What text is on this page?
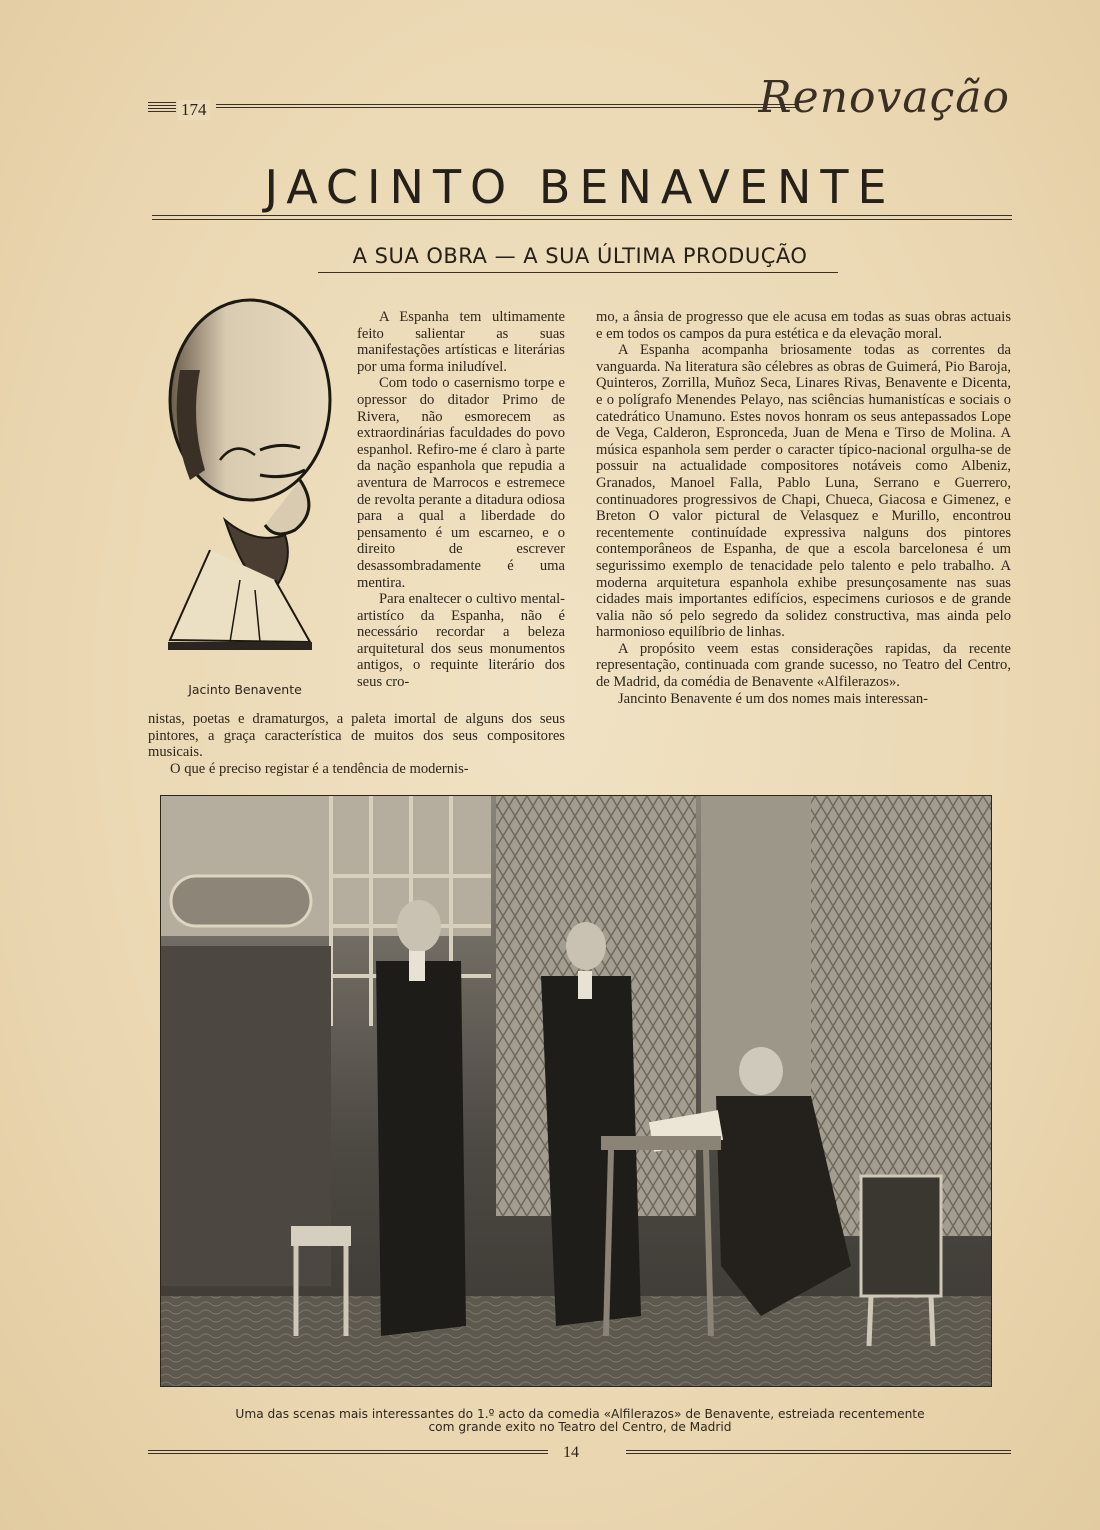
174	Renovação
JACINTO BENAVENTE
A SUA OBRA — A SUA ÚLTIMA PRODUÇÃO
Jacinto Benavente

A Espanha tem ultimamente feito salientar as suas manifestações artísticas e literárias por uma forma iniludível.

Com todo o casernismo torpe e opressor do ditador Primo de Rivera, não esmorecem as extraordinárias faculdades do povo espanhol. Refiro-me é claro à parte da nação espanhola que repudia a aventura de Marrocos e estremece de revolta perante a ditadura odiosa para a qual a liberdade do pensamento é um escarneo, e o direito de escrever desassombradamente é uma mentira.

Para enaltecer o cultivo mental-artistíco da Espanha, não é necessário recordar a beleza arquitetural dos seus monumentos antigos, o requinte literário dos seus cro-

nistas, poetas e dramaturgos, a paleta imortal de alguns dos seus pintores, a graça característica de muitos dos seus compositores musicais.

O que é preciso registar é a tendência de modernis-

mo, a ânsia de progresso que ele acusa em todas as suas obras actuais e em todos os campos da pura estética e da elevação moral.

A Espanha acompanha briosamente todas as correntes da vanguarda. Na literatura são célebres as obras de Guimerá, Pio Baroja, Quinteros, Zorrilla, Muñoz Seca, Linares Rivas, Benavente e Dicenta, e o polígrafo Menendes Pelayo, nas sciências humanistícas e sociais o catedrático Unamuno. Estes novos honram os seus antepassados Lope de Vega, Calderon, Espronceda, Juan de Mena e Tirso de Molina. A música espanhola sem perder o caracter típico-nacional orgulha-se de possuir na actualidade compositores notáveis como Albeniz, Granados, Manoel Falla, Pablo Luna, Serrano e Guerrero, continuadores progressivos de Chapi, Chueca, Giacosa e Gimenez, e Breton O valor pictural de Velasquez e Murillo, encontrou recentemente continuídade expressiva nalguns dos pintores contemporâneos de Espanha, de que a escola barcelonesa é um segurissimo exemplo de tenacidade pelo talento e pelo trabalho. A moderna arquitetura espanhola exhibe presunçosamente nas suas cidades mais importantes edifícios, especimens curiosos e de grande valia não só pelo segredo da solidez constructiva, mas ainda pelo harmonioso equilíbrio de linhas.

A propósito veem estas considerações rapidas, da recente representação, continuada com grande sucesso, no Teatro del Centro, de Madrid, da comédia de Benavente «Alfilerazos».

Jancinto Benavente é um dos nomes mais interessan-

Uma das scenas mais interessantes do 1.º acto da comedia «Alfilerazos» de Benavente, estreiada recentemente
com grande exito no Teatro del Centro, de Madrid
14
